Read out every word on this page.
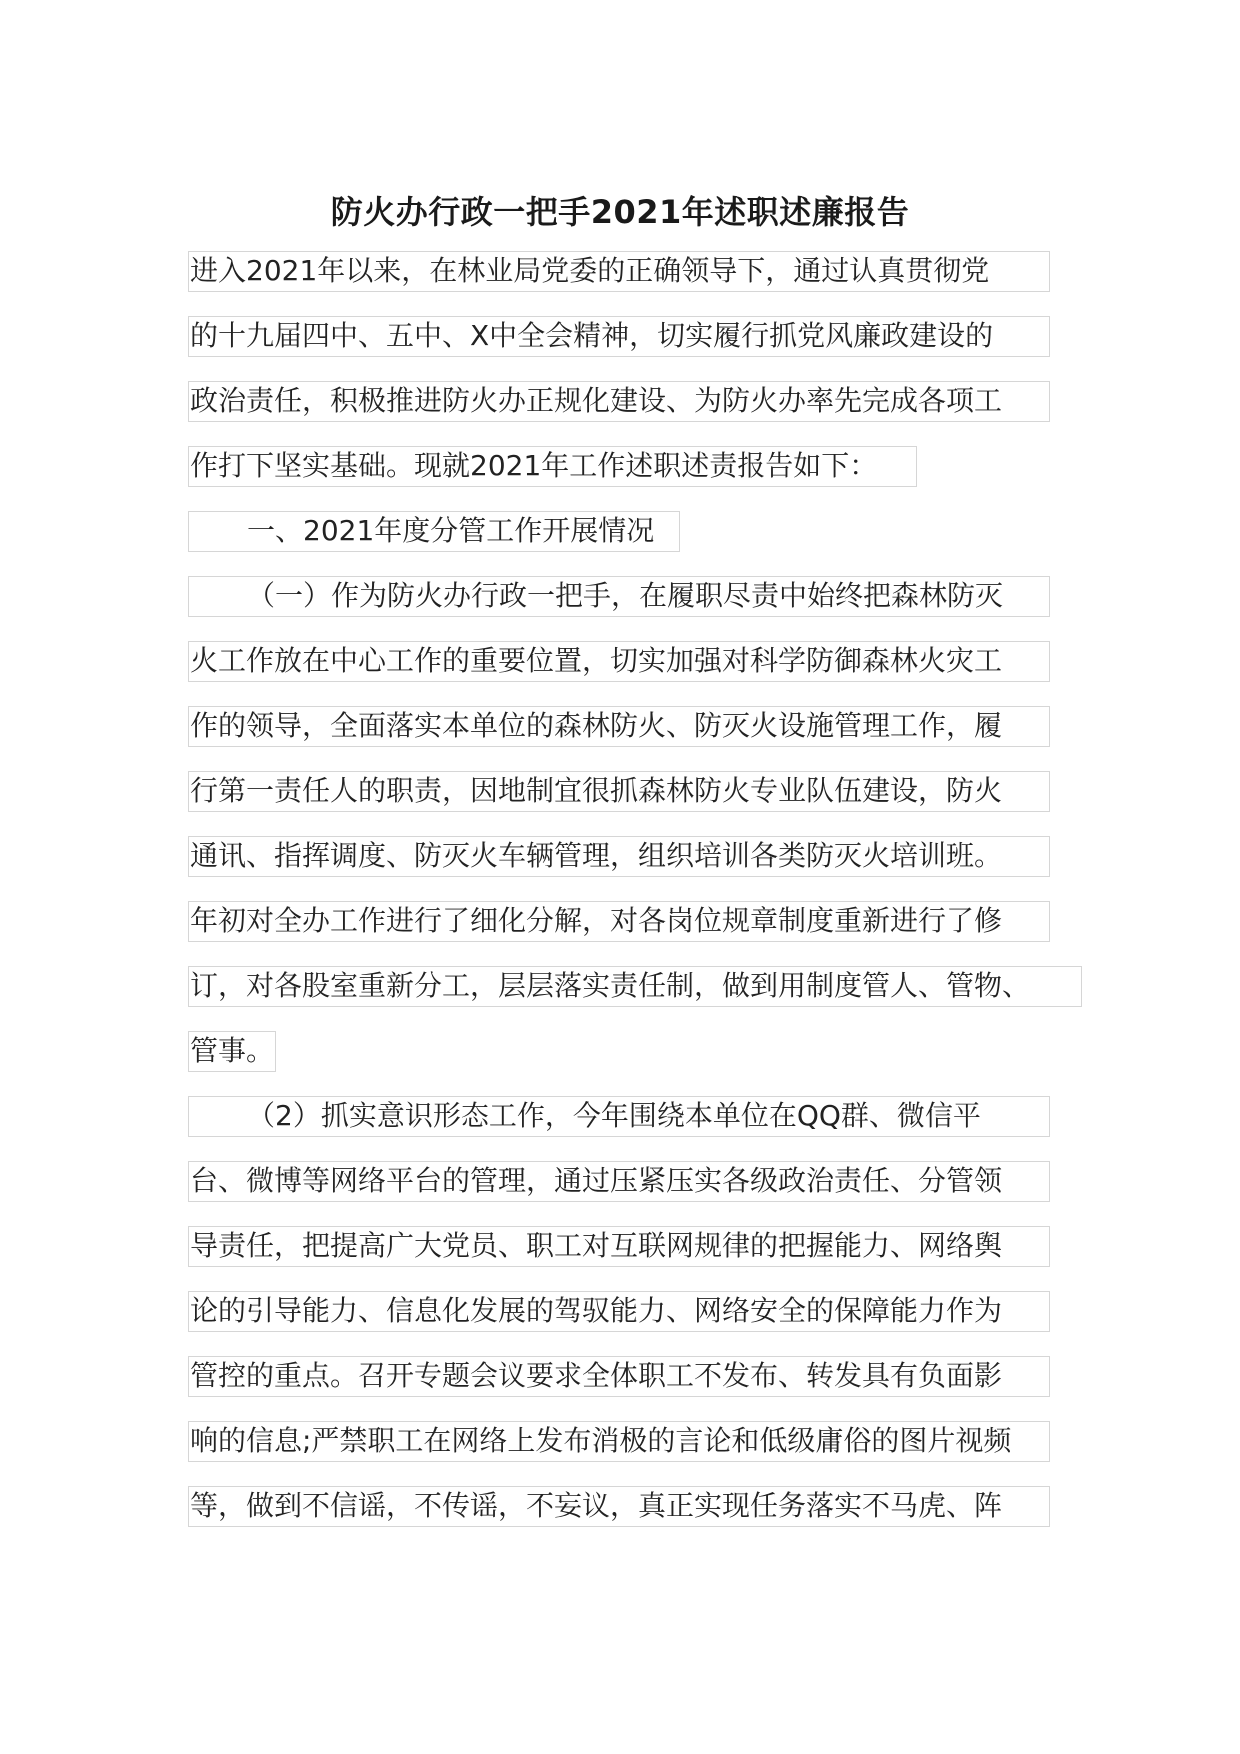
防火办行政一把手2021年述职述廉报告
进入2021年以来，在林业局党委的正确领导下，通过认真贯彻党
的十九届四中、五中、X中全会精神，切实履行抓党风廉政建设的
政治责任，积极推进防火办正规化建设、为防火办率先完成各项工
作打下坚实基础。现就2021年工作述职述责报告如下：
一、2021年度分管工作开展情况
（一）作为防火办行政一把手，在履职尽责中始终把森林防灭
火工作放在中心工作的重要位置，切实加强对科学防御森林火灾工
作的领导，全面落实本单位的森林防火、防灭火设施管理工作，履
行第一责任人的职责，因地制宜很抓森林防火专业队伍建设，防火
通讯、指挥调度、防灭火车辆管理，组织培训各类防灭火培训班。
年初对全办工作进行了细化分解，对各岗位规章制度重新进行了修
订，对各股室重新分工，层层落实责任制，做到用制度管人、管物、
管事。
（2）抓实意识形态工作，今年围绕本单位在QQ群、微信平
台、微博等网络平台的管理，通过压紧压实各级政治责任、分管领
导责任，把提高广大党员、职工对互联网规律的把握能力、网络舆
论的引导能力、信息化发展的驾驭能力、网络安全的保障能力作为
管控的重点。召开专题会议要求全体职工不发布、转发具有负面影
响的信息;严禁职工在网络上发布消极的言论和低级庸俗的图片视频
等，做到不信谣，不传谣，不妄议，真正实现任务落实不马虎、阵
